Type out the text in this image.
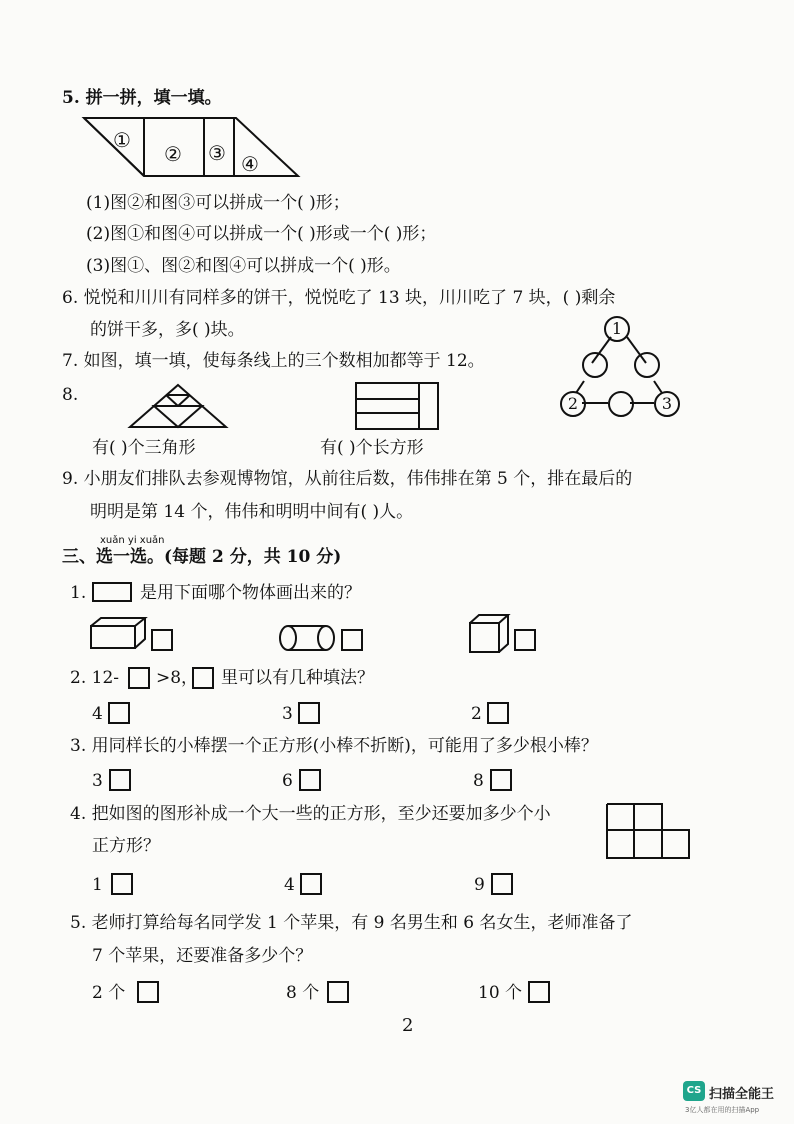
5. 拼一拼，填一填。
①
② ③ ④
(1)图②和图③可以拼成一个( )形；
(2)图①和图④可以拼成一个( )形或一个( )形；
(3)图①、图②和图④可以拼成一个( )形。
6. 悦悦和川川有同样多的饼干，悦悦吃了 13 块，川川吃了 7 块，( )剩余
的饼干多，多( )块。
7. 如图，填一填，使每条线上的三个数相加都等于 12。
1
2	3
8.
有( )个三角形	有( )个长方形
9. 小朋友们排队去参观博物馆，从前往后数，伟伟排在第 5 个，排在最后的
明明是第 14 个，伟伟和明明中间有( )人。
xuǎn yi xuǎn
三、选一选。(每题 2 分，共 10 分)
1.	是用下面哪个物体画出来的？
2. 12- >8， 里可以有几种填法？
4	3	2
3. 用同样长的小棒摆一个正方形(小棒不折断)，可能用了多少根小棒？
3	6	8
4. 把如图的图形补成一个大一些的正方形，至少还要加多少个小
正方形？
1	4	9
5. 老师打算给每名同学发 1 个苹果，有 9 名男生和 6 名女生，老师准备了
7 个苹果，还要准备多少个？
2 个	8 个	10 个
2
CS 扫描全能王
3亿人都在用的扫描App
